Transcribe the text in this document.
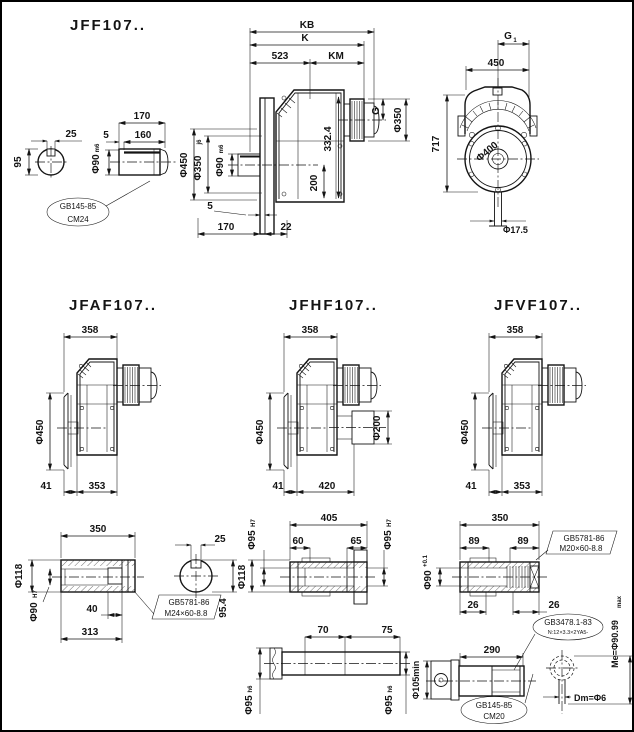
JFF107..
25
95
170
160
5
Φ90
m6
GB145-85
CM24
KB
K
523	KM
332.4
200
G Φ350
Φ450 Φ350
j6
Φ90
m6
5
170	22
G 1
450
717	Φ400
Φ17.5
JFAF107..
358
Φ450
41	353
JFHF107..
358
Φ450	Φ200
41	420
JFVF107..
358
Φ450
41	353
350
Φ118
Φ90
H7
40
313
GB5781-86
M24×60-8.8
25
95.4
405
60	65
Φ95
H7
Φ95
H7
Φ118
70	75
Φ95
h6
Φ95
h6
350
89	89	GB5781-86
M20×60-8.8
Φ90
+0.1
26	26
GB3478.1-83
N:12×3.3×2YA5-
290
Φ105min
GB145-85
CM20
Dm=Φ6
Me=Φ90.99
max
